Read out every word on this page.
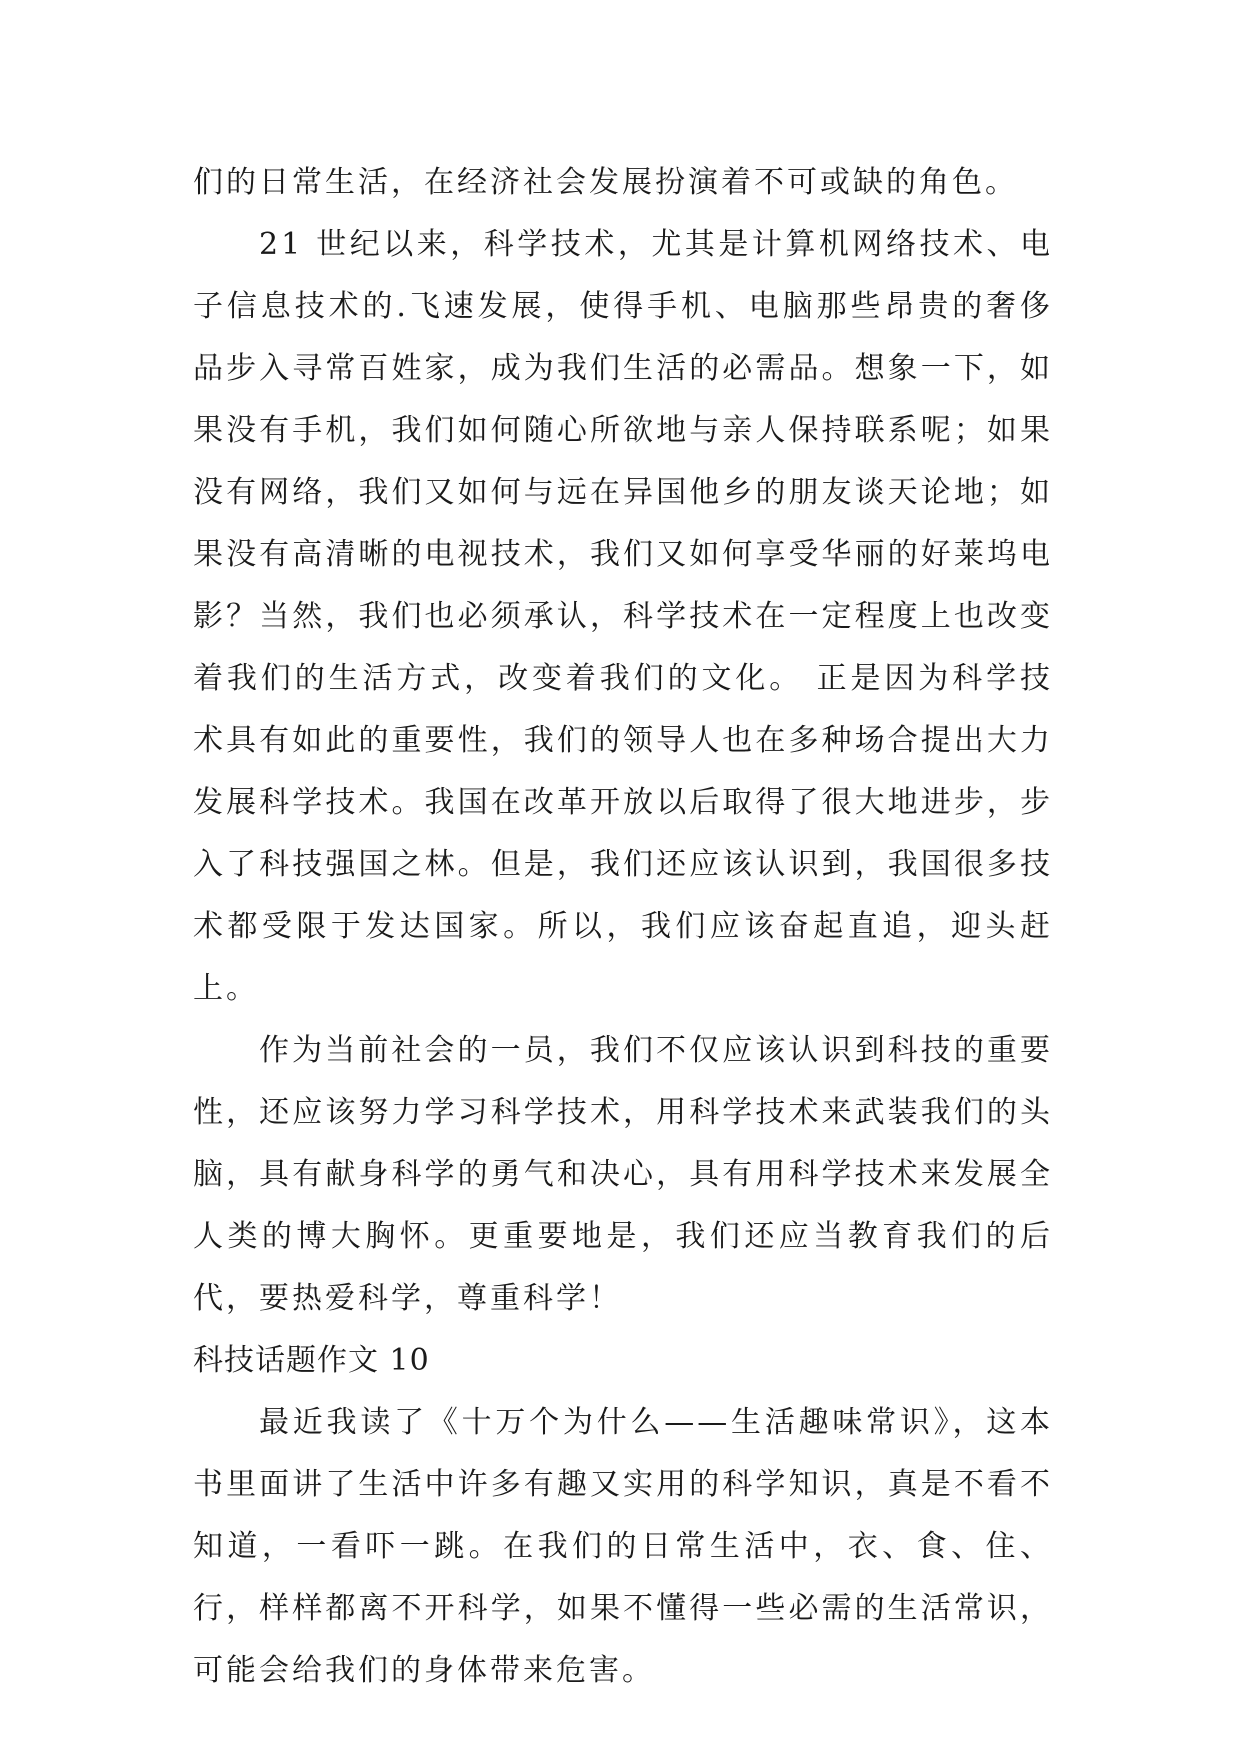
们的日常生活，在经济社会发展扮演着不可或缺的角色。

21 世纪以来，科学技术，尤其是计算机网络技术、电子信息技术的.飞速发展，使得手机、电脑那些昂贵的奢侈品步入寻常百姓家，成为我们生活的必需品。想象一下，如果没有手机，我们如何随心所欲地与亲人保持联系呢；如果没有网络，我们又如何与远在异国他乡的朋友谈天论地；如果没有高清晰的电视技术，我们又如何享受华丽的好莱坞电影？当然，我们也必须承认，科学技术在一定程度上也改变着我们的生活方式，改变着我们的文化。 正是因为科学技术具有如此的重要性，我们的领导人也在多种场合提出大力发展科学技术。我国在改革开放以后取得了很大地进步，步入了科技强国之林。但是，我们还应该认识到，我国很多技术都受限于发达国家。所以，我们应该奋起直追，迎头赶上。

作为当前社会的一员，我们不仅应该认识到科技的重要性，还应该努力学习科学技术，用科学技术来武装我们的头脑，具有献身科学的勇气和决心，具有用科学技术来发展全人类的博大胸怀。更重要地是，我们还应当教育我们的后代，要热爱科学，尊重科学！

科技话题作文 10

最近我读了《十万个为什么——生活趣味常识》，这本书里面讲了生活中许多有趣又实用的科学知识，真是不看不知道，一看吓一跳。在我们的日常生活中，衣、食、住、行，样样都离不开科学，如果不懂得一些必需的生活常识，可能会给我们的身体带来危害。
